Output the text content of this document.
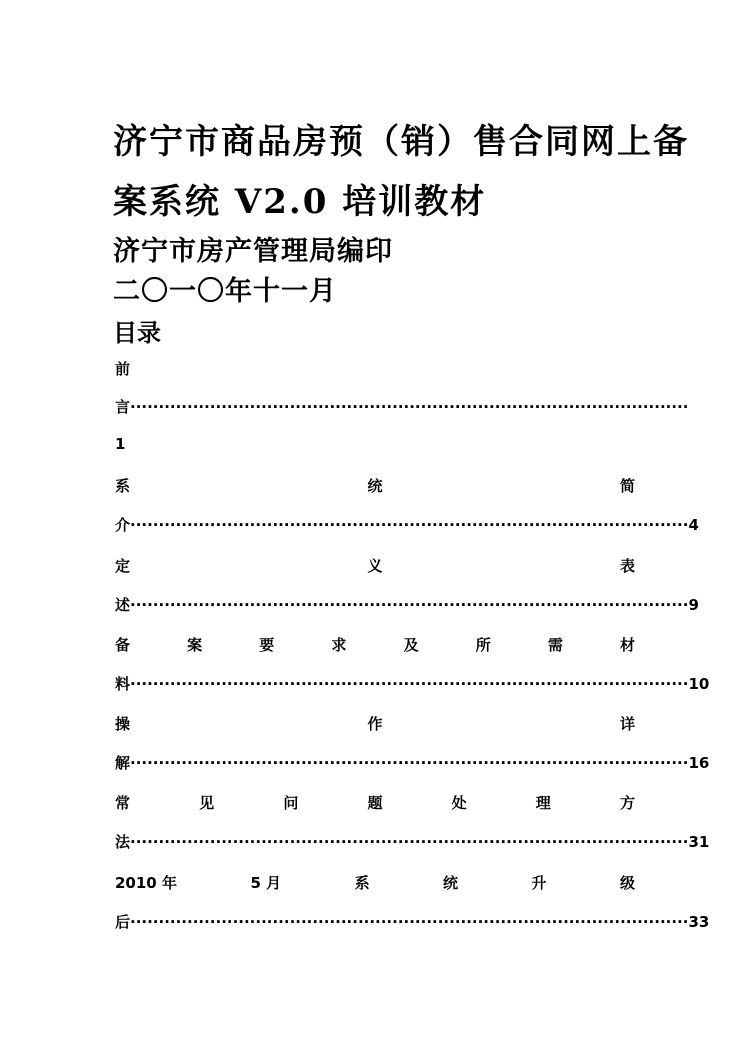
济宁市商品房预（销）售合同网上备
案系统 V2.0 培训教材
济宁市房产管理局编印
二〇一〇年十一月
目录
前
言 ··································································································
1
系	统	简
介 ·································································································· 4
定	义	表
述 ·································································································· 9
备	案	要	求	及	所	需	材
料 ·································································································· 10
操	作	详
解 ·································································································· 16
常	见	问	题	处	理	方
法 ·································································································· 31
2010 年	5 月	系	统	升	级
后 ·································································································· 33
